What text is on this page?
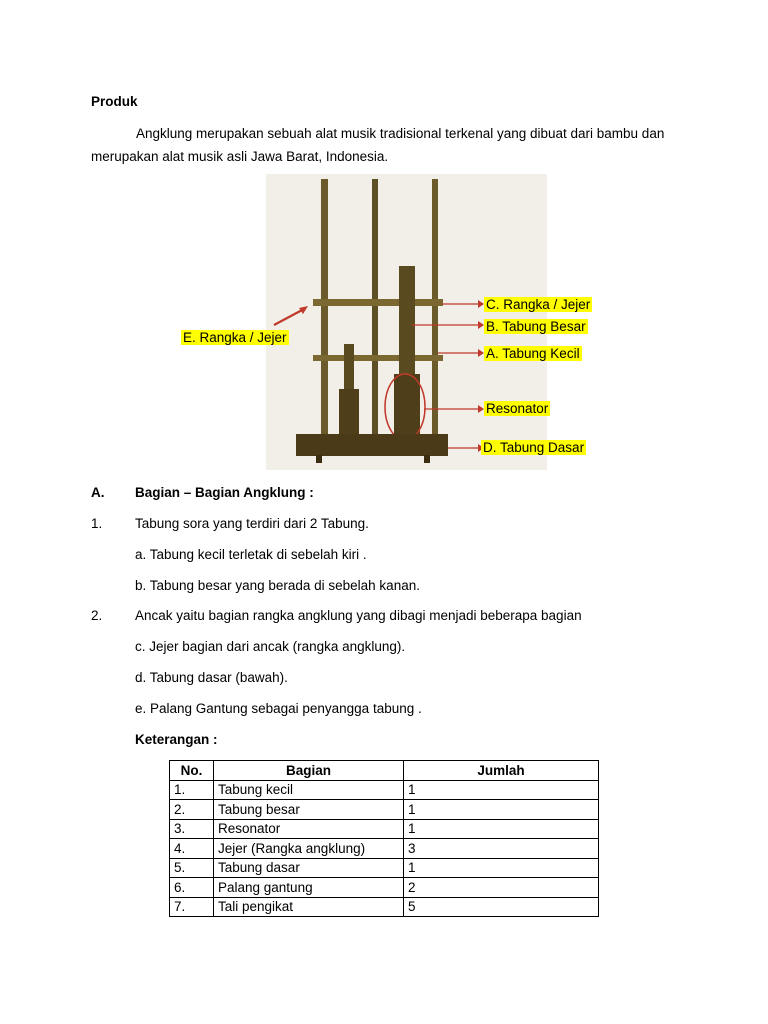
Produk
Angklung merupakan sebuah alat musik tradisional terkenal yang dibuat dari bambu dan merupakan alat musik asli Jawa Barat, Indonesia.
C. Rangka / Jejer
B. Tabung Besar
A. Tabung Kecil
Resonator
D. Tabung Dasar
E. Rangka / Jejer
A. Bagian – Bagian Angklung :
1. Tabung sora yang terdiri dari 2 Tabung.
a. Tabung kecil terletak di sebelah kiri .
b. Tabung besar yang berada di sebelah kanan.
2. Ancak yaitu bagian rangka angklung yang dibagi menjadi beberapa bagian
c. Jejer bagian dari ancak (rangka angklung).
d. Tabung dasar (bawah).
e. Palang Gantung sebagai penyangga tabung .
Keterangan :
No.	Bagian	Jumlah
1.	Tabung kecil	1
2.	Tabung besar	1
3.	Resonator	1
4.	Jejer (Rangka angklung)	3
5.	Tabung dasar	1
6.	Palang gantung	2
7.	Tali pengikat	5
